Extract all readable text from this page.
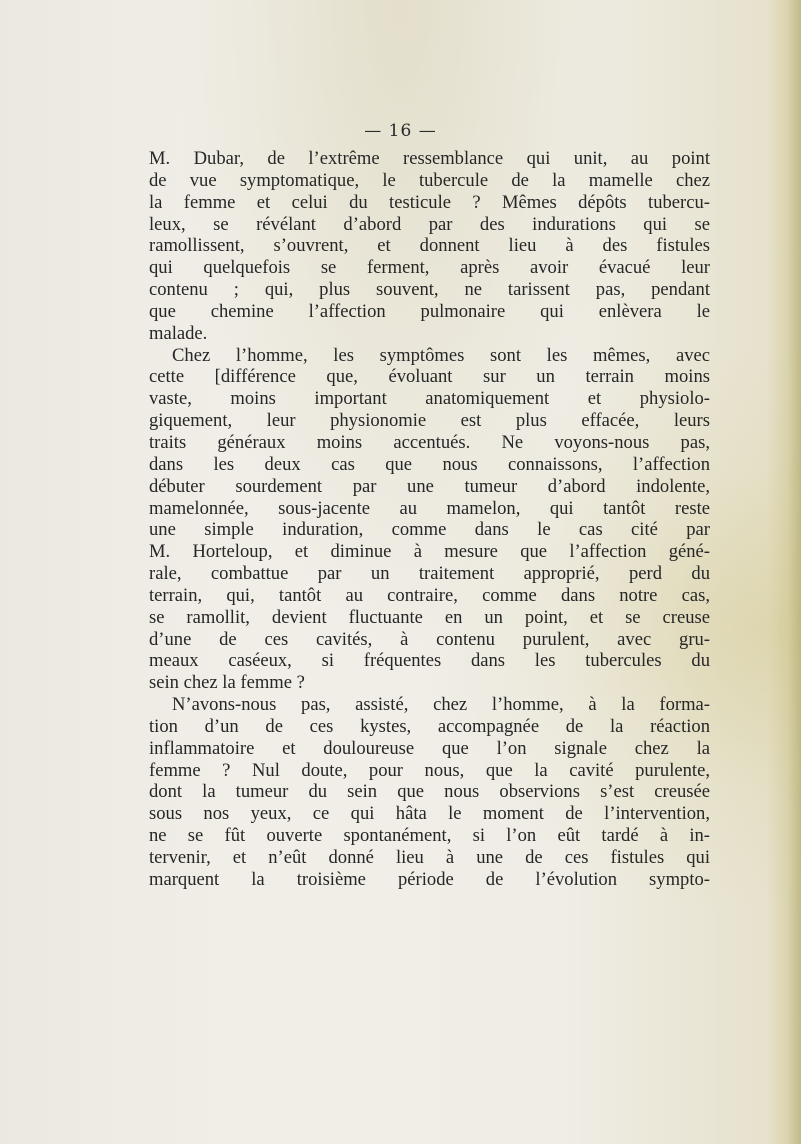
— 16 —
M. Dubar, de l’extrême ressemblance qui unit, au point
de vue symptomatique, le tubercule de la mamelle chez
la femme et celui du testicule ? Mêmes dépôts tubercu-
leux, se révélant d’abord par des indurations qui se
ramollissent, s’ouvrent, et donnent lieu à des fistules
qui quelquefois se ferment, après avoir évacué leur
contenu ; qui, plus souvent, ne tarissent pas, pendant
que chemine l’affection pulmonaire qui enlèvera le
malade.
Chez l’homme, les symptômes sont les mêmes, avec
cette [différence que, évoluant sur un terrain moins
vaste, moins important anatomiquement et physiolo-
giquement, leur physionomie est plus effacée, leurs
traits généraux moins accentués. Ne voyons-nous pas,
dans les deux cas que nous connaissons, l’affection
débuter sourdement par une tumeur d’abord indolente,
mamelonnée, sous-jacente au mamelon, qui tantôt reste
une simple induration, comme dans le cas cité par
M. Horteloup, et diminue à mesure que l’affection géné-
rale, combattue par un traitement approprié, perd du
terrain, qui, tantôt au contraire, comme dans notre cas,
se ramollit, devient fluctuante en un point, et se creuse
d’une de ces cavités, à contenu purulent, avec gru-
meaux caséeux, si fréquentes dans les tubercules du
sein chez la femme ?
N’avons-nous pas, assisté, chez l’homme, à la forma-
tion d’un de ces kystes, accompagnée de la réaction
inflammatoire et douloureuse que l’on signale chez la
femme ? Nul doute, pour nous, que la cavité purulente,
dont la tumeur du sein que nous observions s’est creusée
sous nos yeux, ce qui hâta le moment de l’intervention,
ne se fût ouverte spontanément, si l’on eût tardé à in-
tervenir, et n’eût donné lieu à une de ces fistules qui
marquent la troisième période de l’évolution sympto-
